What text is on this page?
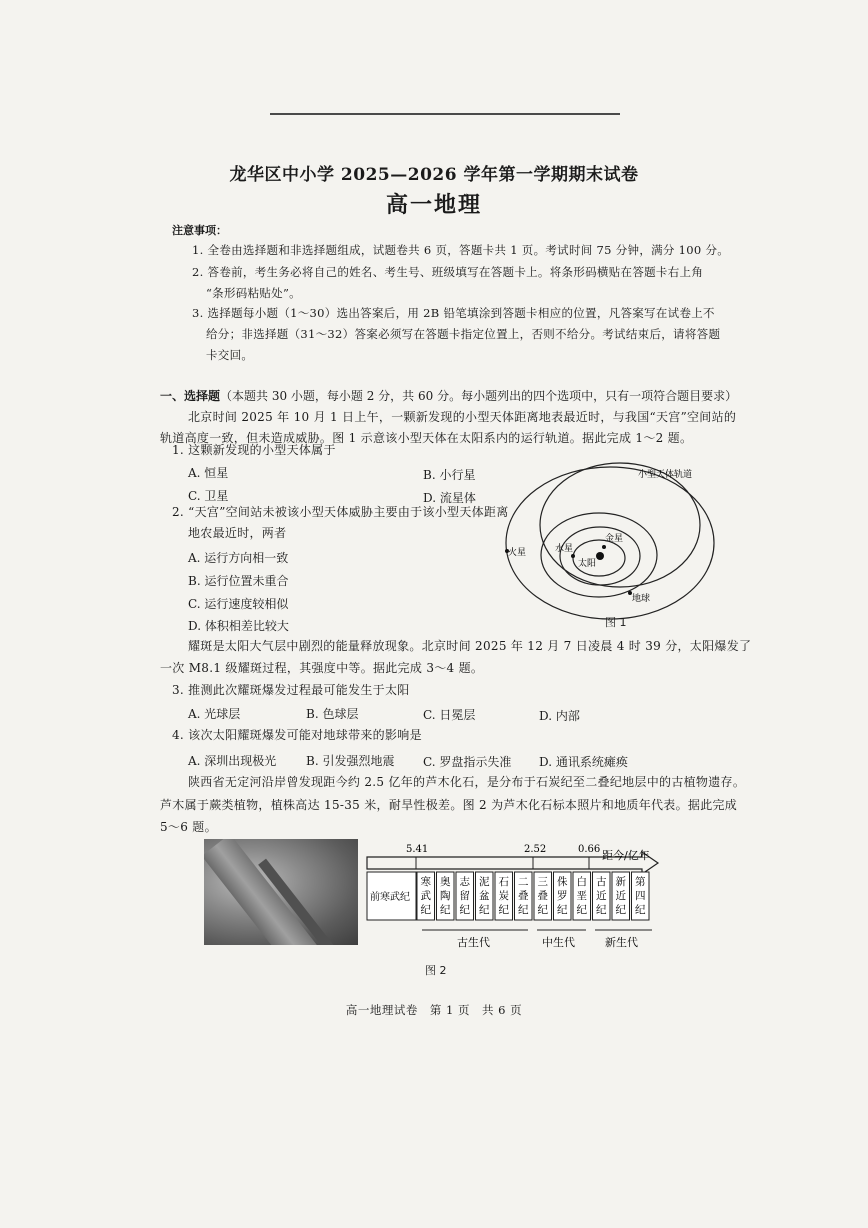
龙华区中小学 2025—2026 学年第一学期期末试卷
高一地理
注意事项：
1. 全卷由选择题和非选择题组成，试题卷共 6 页，答题卡共 1 页。考试时间 75 分钟，满分 100 分。
2. 答卷前，考生务必将自己的姓名、考生号、班级填写在答题卡上。将条形码横贴在答题卡右上角
“条形码粘贴处”。
3. 选择题每小题（1～30）选出答案后，用 2B 铅笔填涂到答题卡相应的位置，凡答案写在试卷上不
给分；非选择题（31～32）答案必须写在答题卡指定位置上，否则不给分。考试结束后，请将答题
卡交回。
一、选择题（本题共 30 小题，每小题 2 分，共 60 分。每小题列出的四个选项中，只有一项符合题目要求）
北京时间 2025 年 10 月 1 日上午，一颗新发现的小型天体距离地表最近时，与我国“天宫”空间站的
轨道高度一致，但未造成威胁。图 1 示意该小型天体在太阳系内的运行轨道。据此完成 1～2 题。
1. 这颗新发现的小型天体属于
A. 恒星	B. 小行星
C. 卫星	D. 流星体
2. “天宫”空间站未被该小型天体威胁主要由于该小型天体距离
地农最近时，两者
A. 运行方向相一致
B. 运行位置未重合
C. 运行速度较相似
D. 体积相差比较大
小型天体轨道
火星	水星
金星
太阳
地球
图 1
耀斑是太阳大气层中剧烈的能量释放现象。北京时间 2025 年 12 月 7 日凌晨 4 时 39 分，太阳爆发了
一次 M8.1 级耀斑过程，其强度中等。据此完成 3～4 题。
3. 推测此次耀斑爆发过程最可能发生于太阳
A. 光球层	B. 色球层	C. 日冕层	D. 内部
4. 该次太阳耀斑爆发可能对地球带来的影响是
A. 深圳出现极光 B. 引发强烈地震 C. 罗盘指示失准 D. 通讯系统瘫痪
陕西省无定河沿岸曾发现距今约 2.5 亿年的芦木化石，是分布于石炭纪至二叠纪地层中的古植物遗存。
芦木属于蕨类植物，植株高达 15-35 米，耐旱性极差。图 2 为芦木化石标本照片和地质年代表。据此完成
5～6 题。
5.41	2.52	0.66 距今/亿年
前寒武纪
寒
武
纪
奥
陶
纪
志
留
纪
泥
盆
纪
石
炭
纪
二
叠
纪
三
叠
纪
侏
罗
纪
白
垩
纪
古
近
纪
新
近
纪
第
四
纪
古生代	中生代	新生代
图 2
高一地理试卷　第 1 页　共 6 页
